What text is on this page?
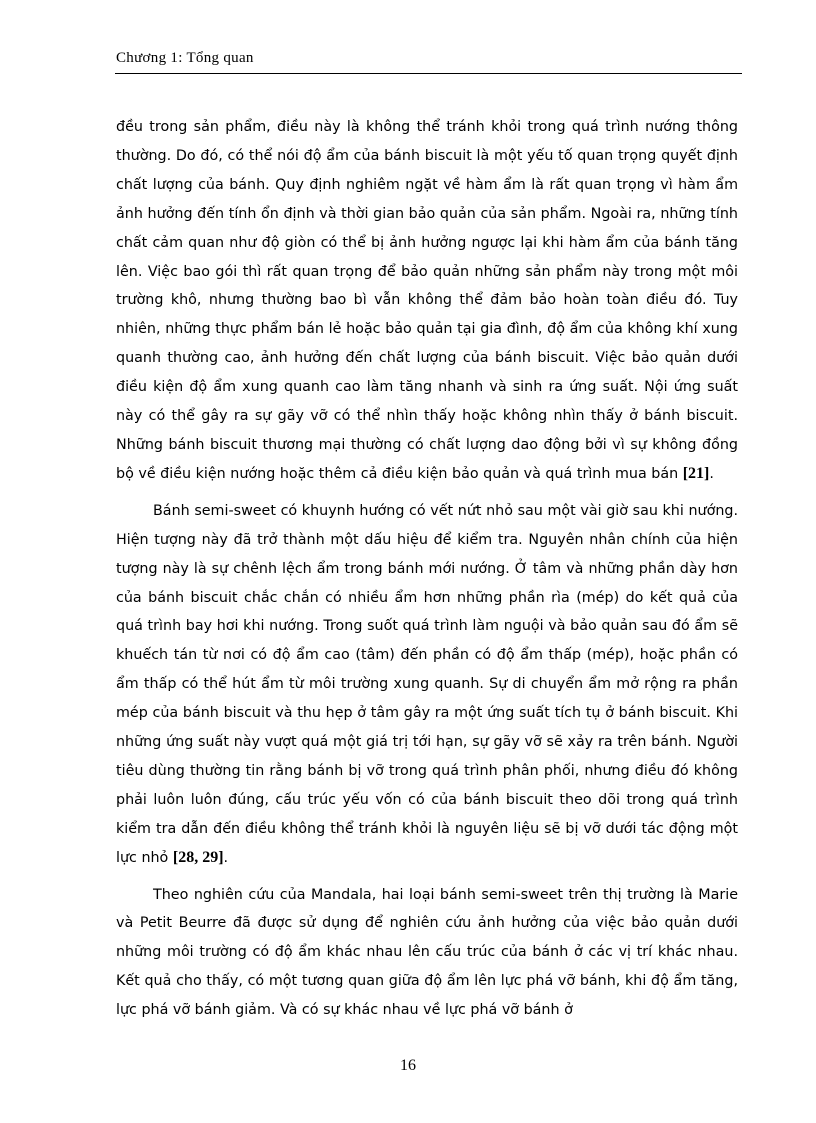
Chương 1: Tổng quan

đều trong sản phẩm, điều này là không thể tránh khỏi trong quá trình nướng thông thường. Do đó, có thể nói độ ẩm của bánh biscuit là một yếu tố quan trọng quyết định chất lượng của bánh. Quy định nghiêm ngặt về hàm ẩm là rất quan trọng vì hàm ẩm ảnh hưởng đến tính ổn định và thời gian bảo quản của sản phẩm. Ngoài ra, những tính chất cảm quan như độ giòn có thể bị ảnh hưởng ngược lại khi hàm ẩm của bánh tăng lên. Việc bao gói thì rất quan trọng để bảo quản những sản phẩm này trong một môi trường khô, nhưng thường bao bì vẫn không thể đảm bảo hoàn toàn điều đó. Tuy nhiên, những thực phẩm bán lẻ hoặc bảo quản tại gia đình, độ ẩm của không khí xung quanh thường cao, ảnh hưởng đến chất lượng của bánh biscuit. Việc bảo quản dưới điều kiện độ ẩm xung quanh cao làm tăng nhanh và sinh ra ứng suất. Nội ứng suất này có thể gây ra sự gãy vỡ có thể nhìn thấy hoặc không nhìn thấy ở bánh biscuit. Những bánh biscuit thương mại thường có chất lượng dao động bởi vì sự không đồng bộ về điều kiện nướng hoặc thêm cả điều kiện bảo quản và quá trình mua bán [21].

Bánh semi-sweet có khuynh hướng có vết nứt nhỏ sau một vài giờ sau khi nướng. Hiện tượng này đã trở thành một dấu hiệu để kiểm tra. Nguyên nhân chính của hiện tượng này là sự chênh lệch ẩm trong bánh mới nướng. Ở tâm và những phần dày hơn của bánh biscuit chắc chắn có nhiều ẩm hơn những phần rìa (mép) do kết quả của quá trình bay hơi khi nướng. Trong suốt quá trình làm nguội và bảo quản sau đó ẩm sẽ khuếch tán từ nơi có độ ẩm cao (tâm) đến phần có độ ẩm thấp (mép), hoặc phần có ẩm thấp có thể hút ẩm từ môi trường xung quanh. Sự di chuyển ẩm mở rộng ra phần mép của bánh biscuit và thu hẹp ở tâm gây ra một ứng suất tích tụ ở bánh biscuit. Khi những ứng suất này vượt quá một giá trị tới hạn, sự gãy vỡ sẽ xảy ra trên bánh. Người tiêu dùng thường tin rằng bánh bị vỡ trong quá trình phân phối, nhưng điều đó không phải luôn luôn đúng, cấu trúc yếu vốn có của bánh biscuit theo dõi trong quá trình kiểm tra dẫn đến điều không thể tránh khỏi là nguyên liệu sẽ bị vỡ dưới tác động một lực nhỏ [28, 29].

Theo nghiên cứu của Mandala, hai loại bánh semi-sweet trên thị trường là Marie và Petit Beurre đã được sử dụng để nghiên cứu ảnh hưởng của việc bảo quản dưới những môi trường có độ ẩm khác nhau lên cấu trúc của bánh ở các vị trí khác nhau. Kết quả cho thấy, có một tương quan giữa độ ẩm lên lực phá vỡ bánh, khi độ ẩm tăng, lực phá vỡ bánh giảm. Và có sự khác nhau về lực phá vỡ bánh ở

16
